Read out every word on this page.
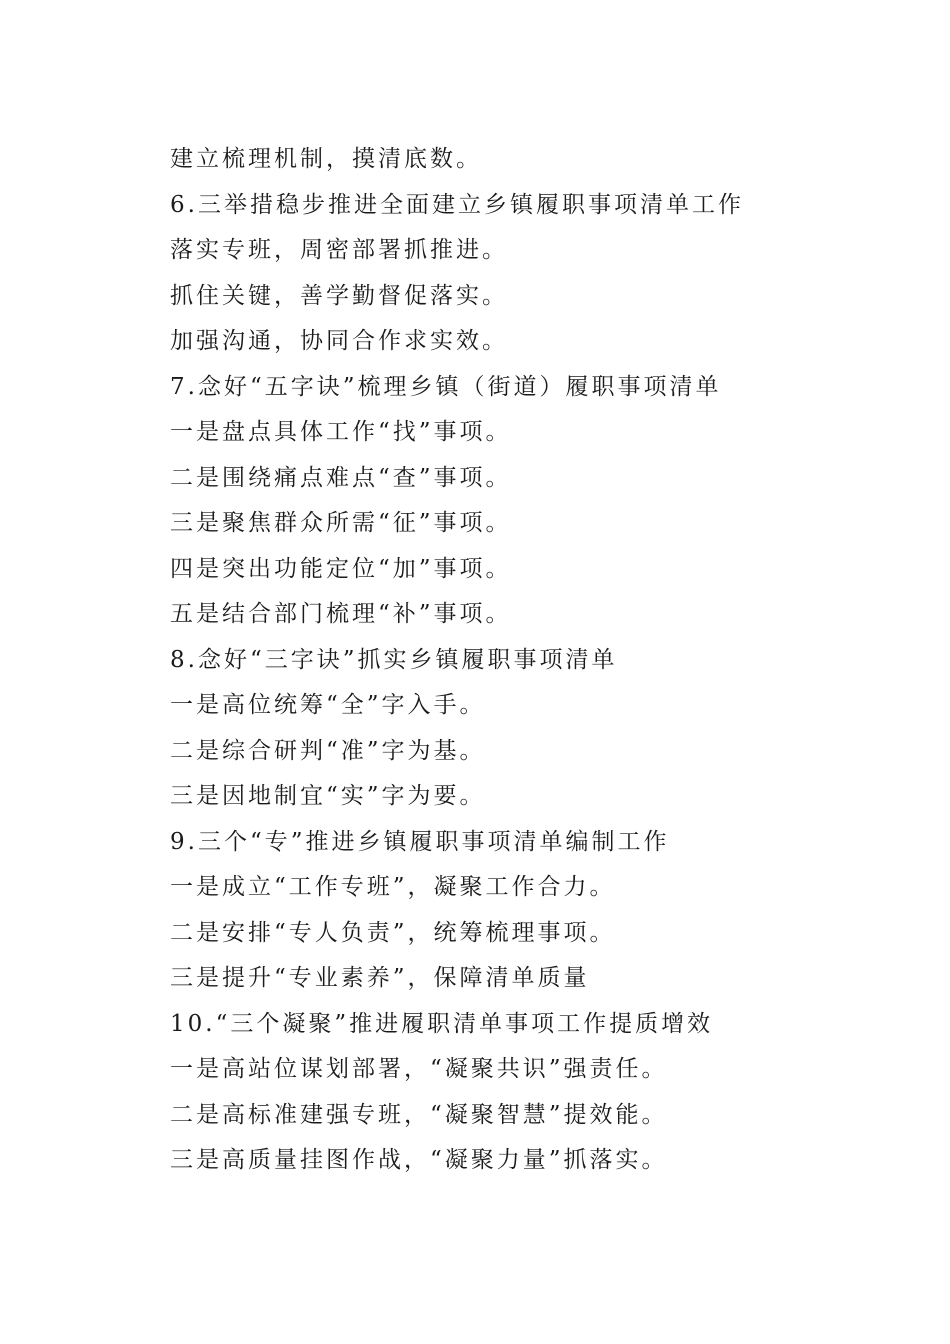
建立梳理机制，摸清底数。
6.三举措稳步推进全面建立乡镇履职事项清单工作
落实专班，周密部署抓推进。
抓住关键，善学勤督促落实。
加强沟通，协同合作求实效。
7.念好“五字诀”梳理乡镇（街道）履职事项清单
一是盘点具体工作“找”事项。
二是围绕痛点难点“查”事项。
三是聚焦群众所需“征”事项。
四是突出功能定位“加”事项。
五是结合部门梳理“补”事项。
8.念好“三字诀”抓实乡镇履职事项清单
一是高位统筹“全”字入手。
二是综合研判“准”字为基。
三是因地制宜“实”字为要。
9.三个“专”推进乡镇履职事项清单编制工作
一是成立“工作专班”，凝聚工作合力。
二是安排“专人负责”，统筹梳理事项。
三是提升“专业素养”，保障清单质量
10.“三个凝聚”推进履职清单事项工作提质增效
一是高站位谋划部署，“凝聚共识”强责任。
二是高标准建强专班，“凝聚智慧”提效能。
三是高质量挂图作战，“凝聚力量”抓落实。
